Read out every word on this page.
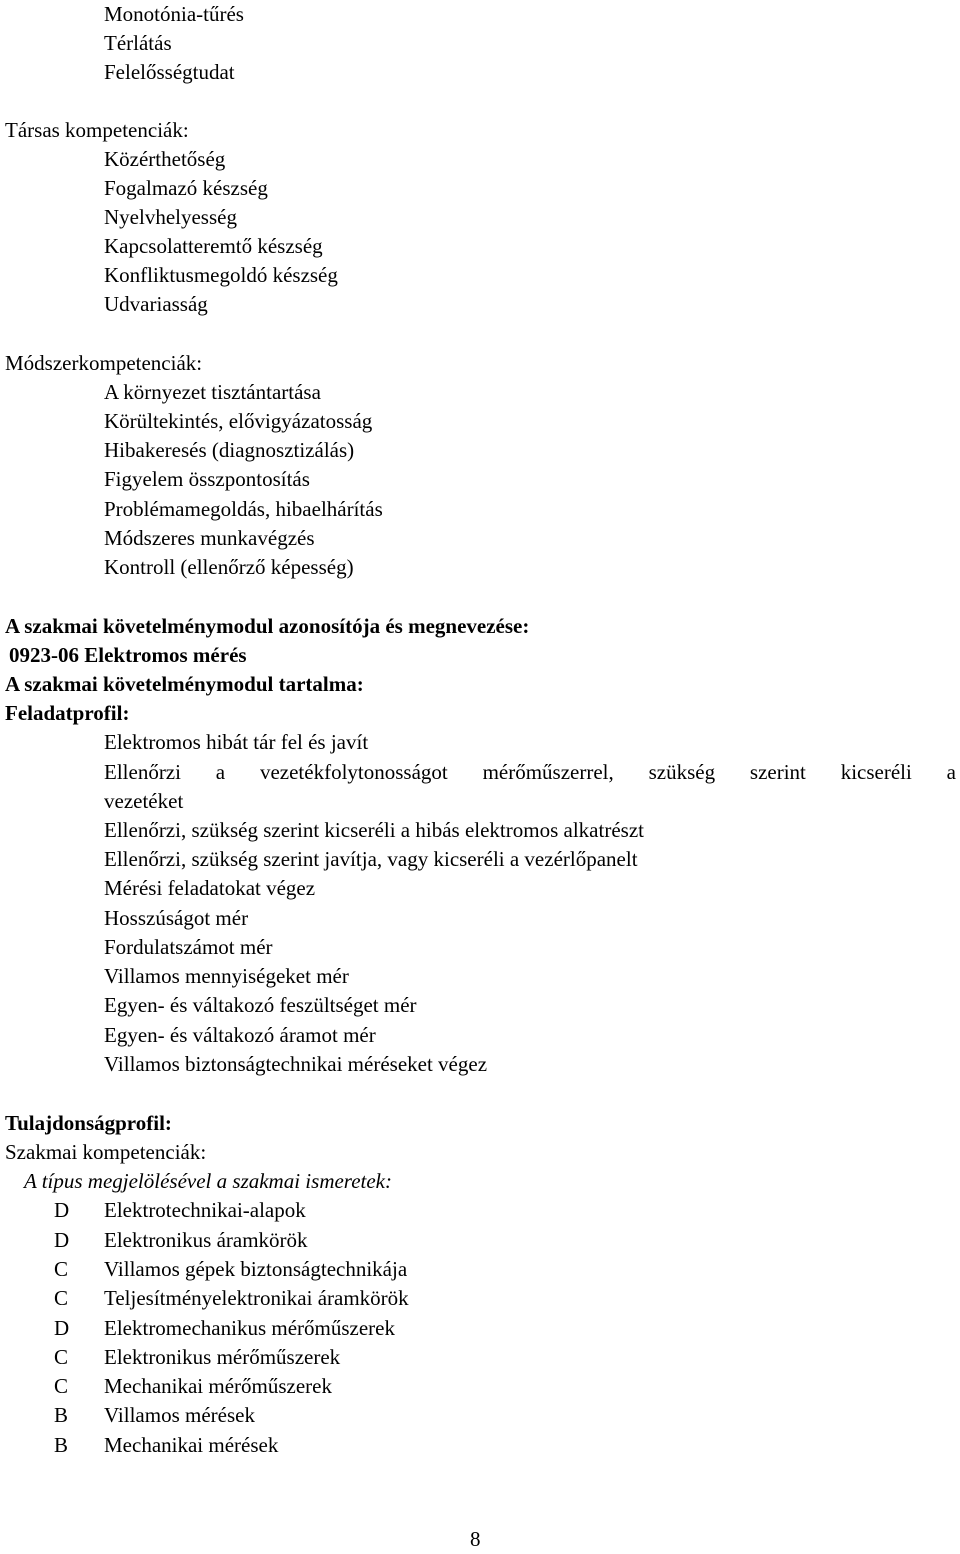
Monotónia-tűrés
Térlátás
Felelősségtudat
Társas kompetenciák:
Közérthetőség
Fogalmazó készség
Nyelvhelyesség
Kapcsolatteremtő készség
Konfliktusmegoldó készség
Udvariasság
Módszerkompetenciák:
A környezet tisztántartása
Körültekintés, elővigyázatosság
Hibakeresés (diagnosztizálás)
Figyelem összpontosítás
Problémamegoldás, hibaelhárítás
Módszeres munkavégzés
Kontroll (ellenőrző képesség)
A szakmai követelménymodul azonosítója és megnevezése:
0923-06 Elektromos mérés
A szakmai követelménymodul tartalma:
Feladatprofil:
Elektromos hibát tár fel és javít
Ellenőrzi a vezetékfolytonosságot mérőműszerrel, szükség szerint kicseréli a
vezetéket
Ellenőrzi, szükség szerint kicseréli a hibás elektromos alkatrészt
Ellenőrzi, szükség szerint javítja, vagy kicseréli a vezérlőpanelt
Mérési feladatokat végez
Hosszúságot mér
Fordulatszámot mér
Villamos mennyiségeket mér
Egyen- és váltakozó feszültséget mér
Egyen- és váltakozó áramot mér
Villamos biztonságtechnikai méréseket végez
Tulajdonságprofil:
Szakmai kompetenciák:
A típus megjelölésével a szakmai ismeretek:
D Elektrotechnikai-alapok
D Elektronikus áramkörök
C Villamos gépek biztonságtechnikája
C Teljesítményelektronikai áramkörök
D Elektromechanikus mérőműszerek
C Elektronikus mérőműszerek
C Mechanikai mérőműszerek
B Villamos mérések
B Mechanikai mérések
8
